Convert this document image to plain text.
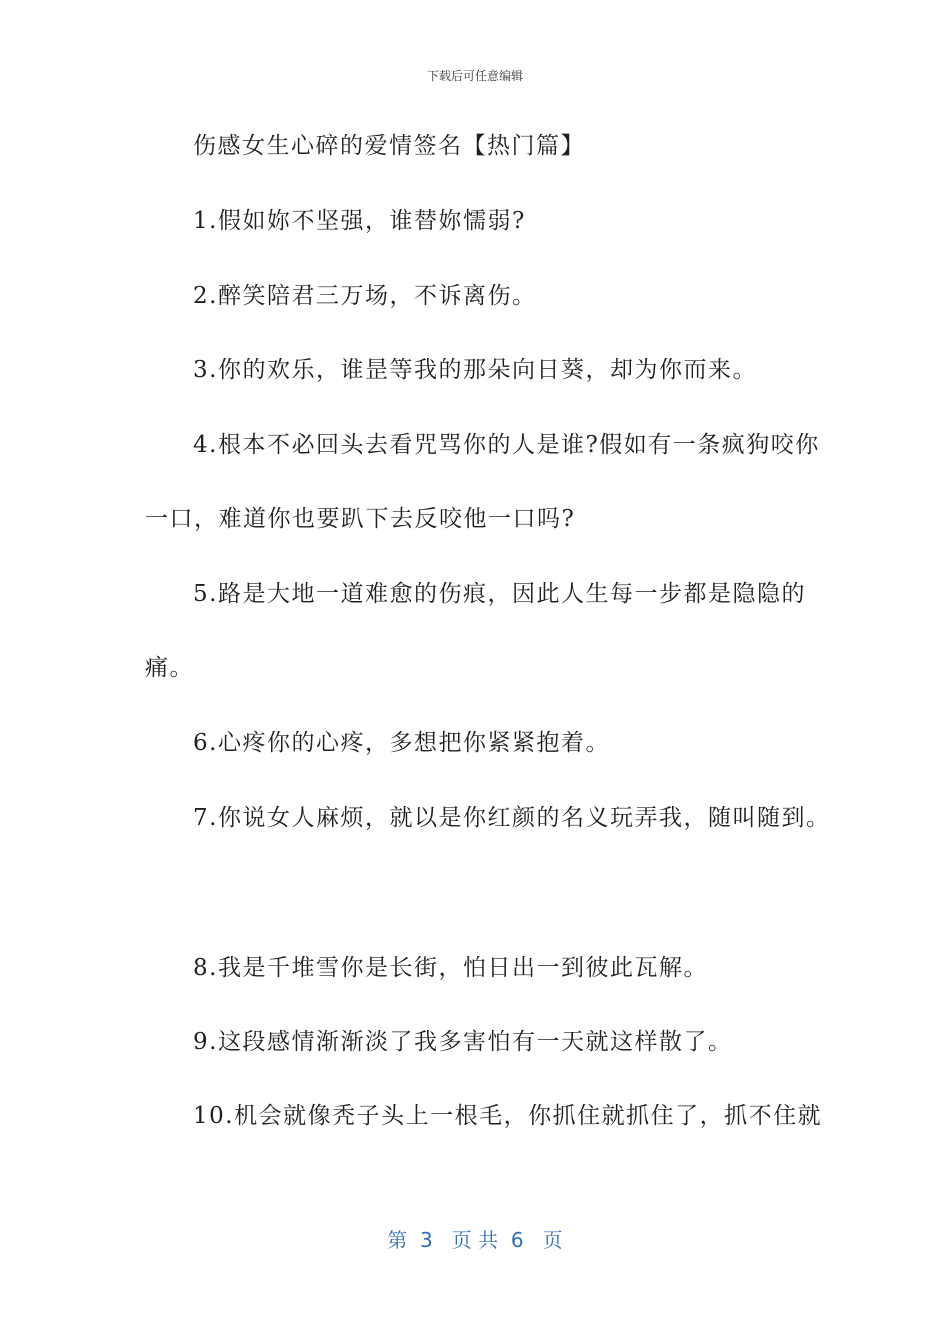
下载后可任意编辑
伤感女生心碎的爱情签名【热门篇】
1.假如妳不坚强，谁替妳懦弱?
2.醉笑陪君三万场，不诉离伤。
3.你的欢乐，谁昰等我的那朵向日葵，却为你而来。
4.根本不必回头去看咒骂你的人是谁?假如有一条疯狗咬你
一口，难道你也要趴下去反咬他一口吗?
5.路是大地一道难愈的伤痕，因此人生每一步都是隐隐的
痛。
6.心疼你的心疼，多想把你紧紧抱着。
7.你说女人麻烦，就以是你红颜的名义玩弄我，随叫随到。
8.我是千堆雪你是长街，怕日出一到彼此瓦解。
9.这段感情渐渐淡了我多害怕有一天就这样散了。
10.机会就像秃子头上一根毛，你抓住就抓住了，抓不住就
第  3   页 共  6   页
